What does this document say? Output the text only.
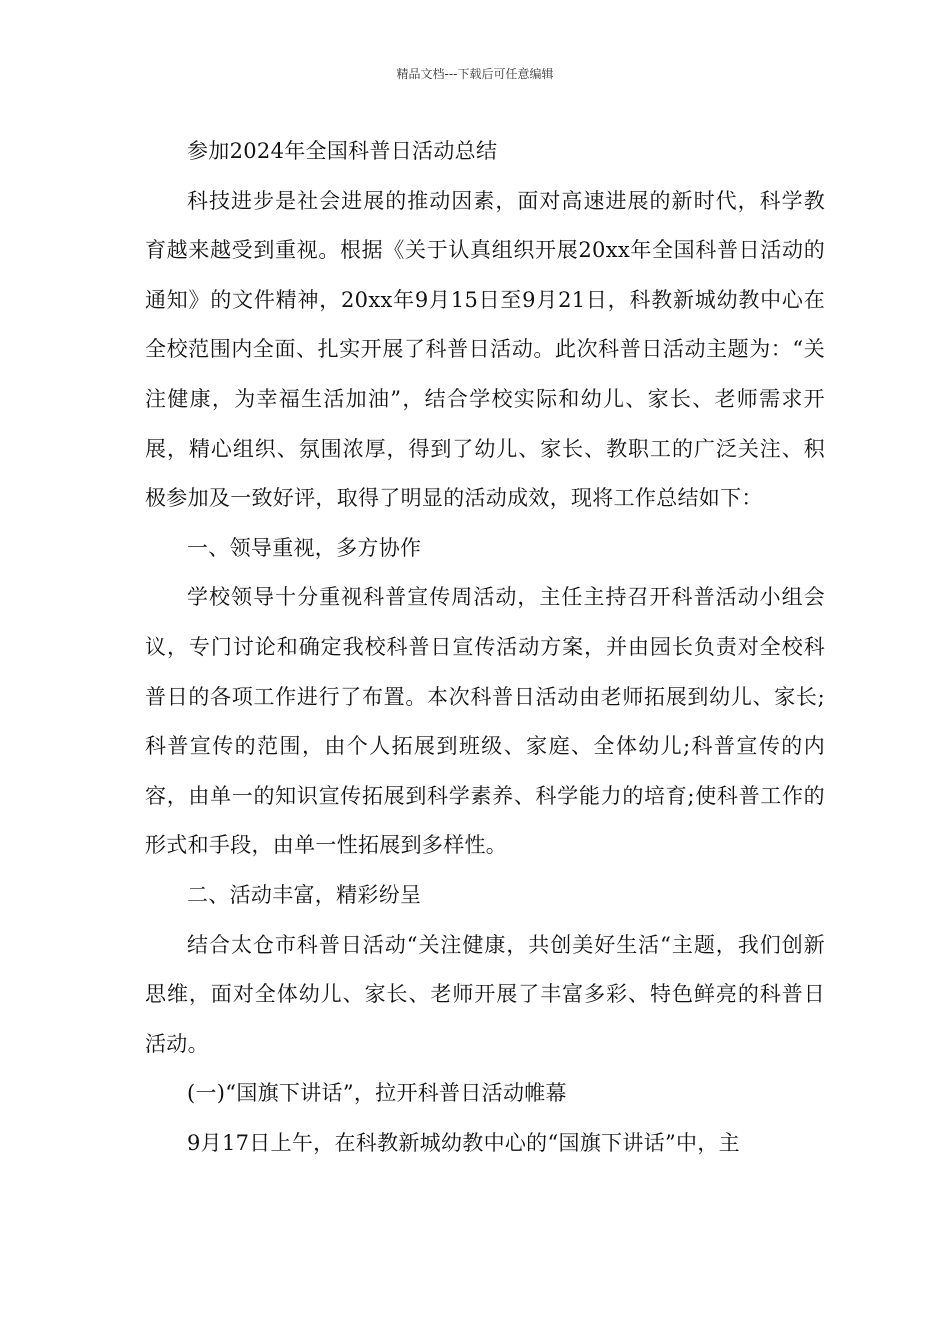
精品文档---下载后可任意编辑

参加2024年全国科普日活动总结

科技进步是社会进展的推动因素，面对高速进展的新时代，科学教育越来越受到重视。根据《关于认真组织开展20xx年全国科普日活动的通知》的文件精神，20xx年9月15日至9月21日，科教新城幼教中心在全校范围内全面、扎实开展了科普日活动。此次科普日活动主题为：“关注健康，为幸福生活加油”，结合学校实际和幼儿、家长、老师需求开展，精心组织、氛围浓厚，得到了幼儿、家长、教职工的广泛关注、积极参加及一致好评，取得了明显的活动成效，现将工作总结如下：

一、领导重视，多方协作

学校领导十分重视科普宣传周活动，主任主持召开科普活动小组会议，专门讨论和确定我校科普日宣传活动方案，并由园长负责对全校科普日的各项工作进行了布置。本次科普日活动由老师拓展到幼儿、家长;科普宣传的范围，由个人拓展到班级、家庭、全体幼儿;科普宣传的内容，由单一的知识宣传拓展到科学素养、科学能力的培育;使科普工作的形式和手段，由单一性拓展到多样性。

二、活动丰富，精彩纷呈

结合太仓市科普日活动“关注健康，共创美好生活“主题，我们创新思维，面对全体幼儿、家长、老师开展了丰富多彩、特色鲜亮的科普日活动。

(一)“国旗下讲话”，拉开科普日活动帷幕

9月17日上午，在科教新城幼教中心的“国旗下讲话”中，主
